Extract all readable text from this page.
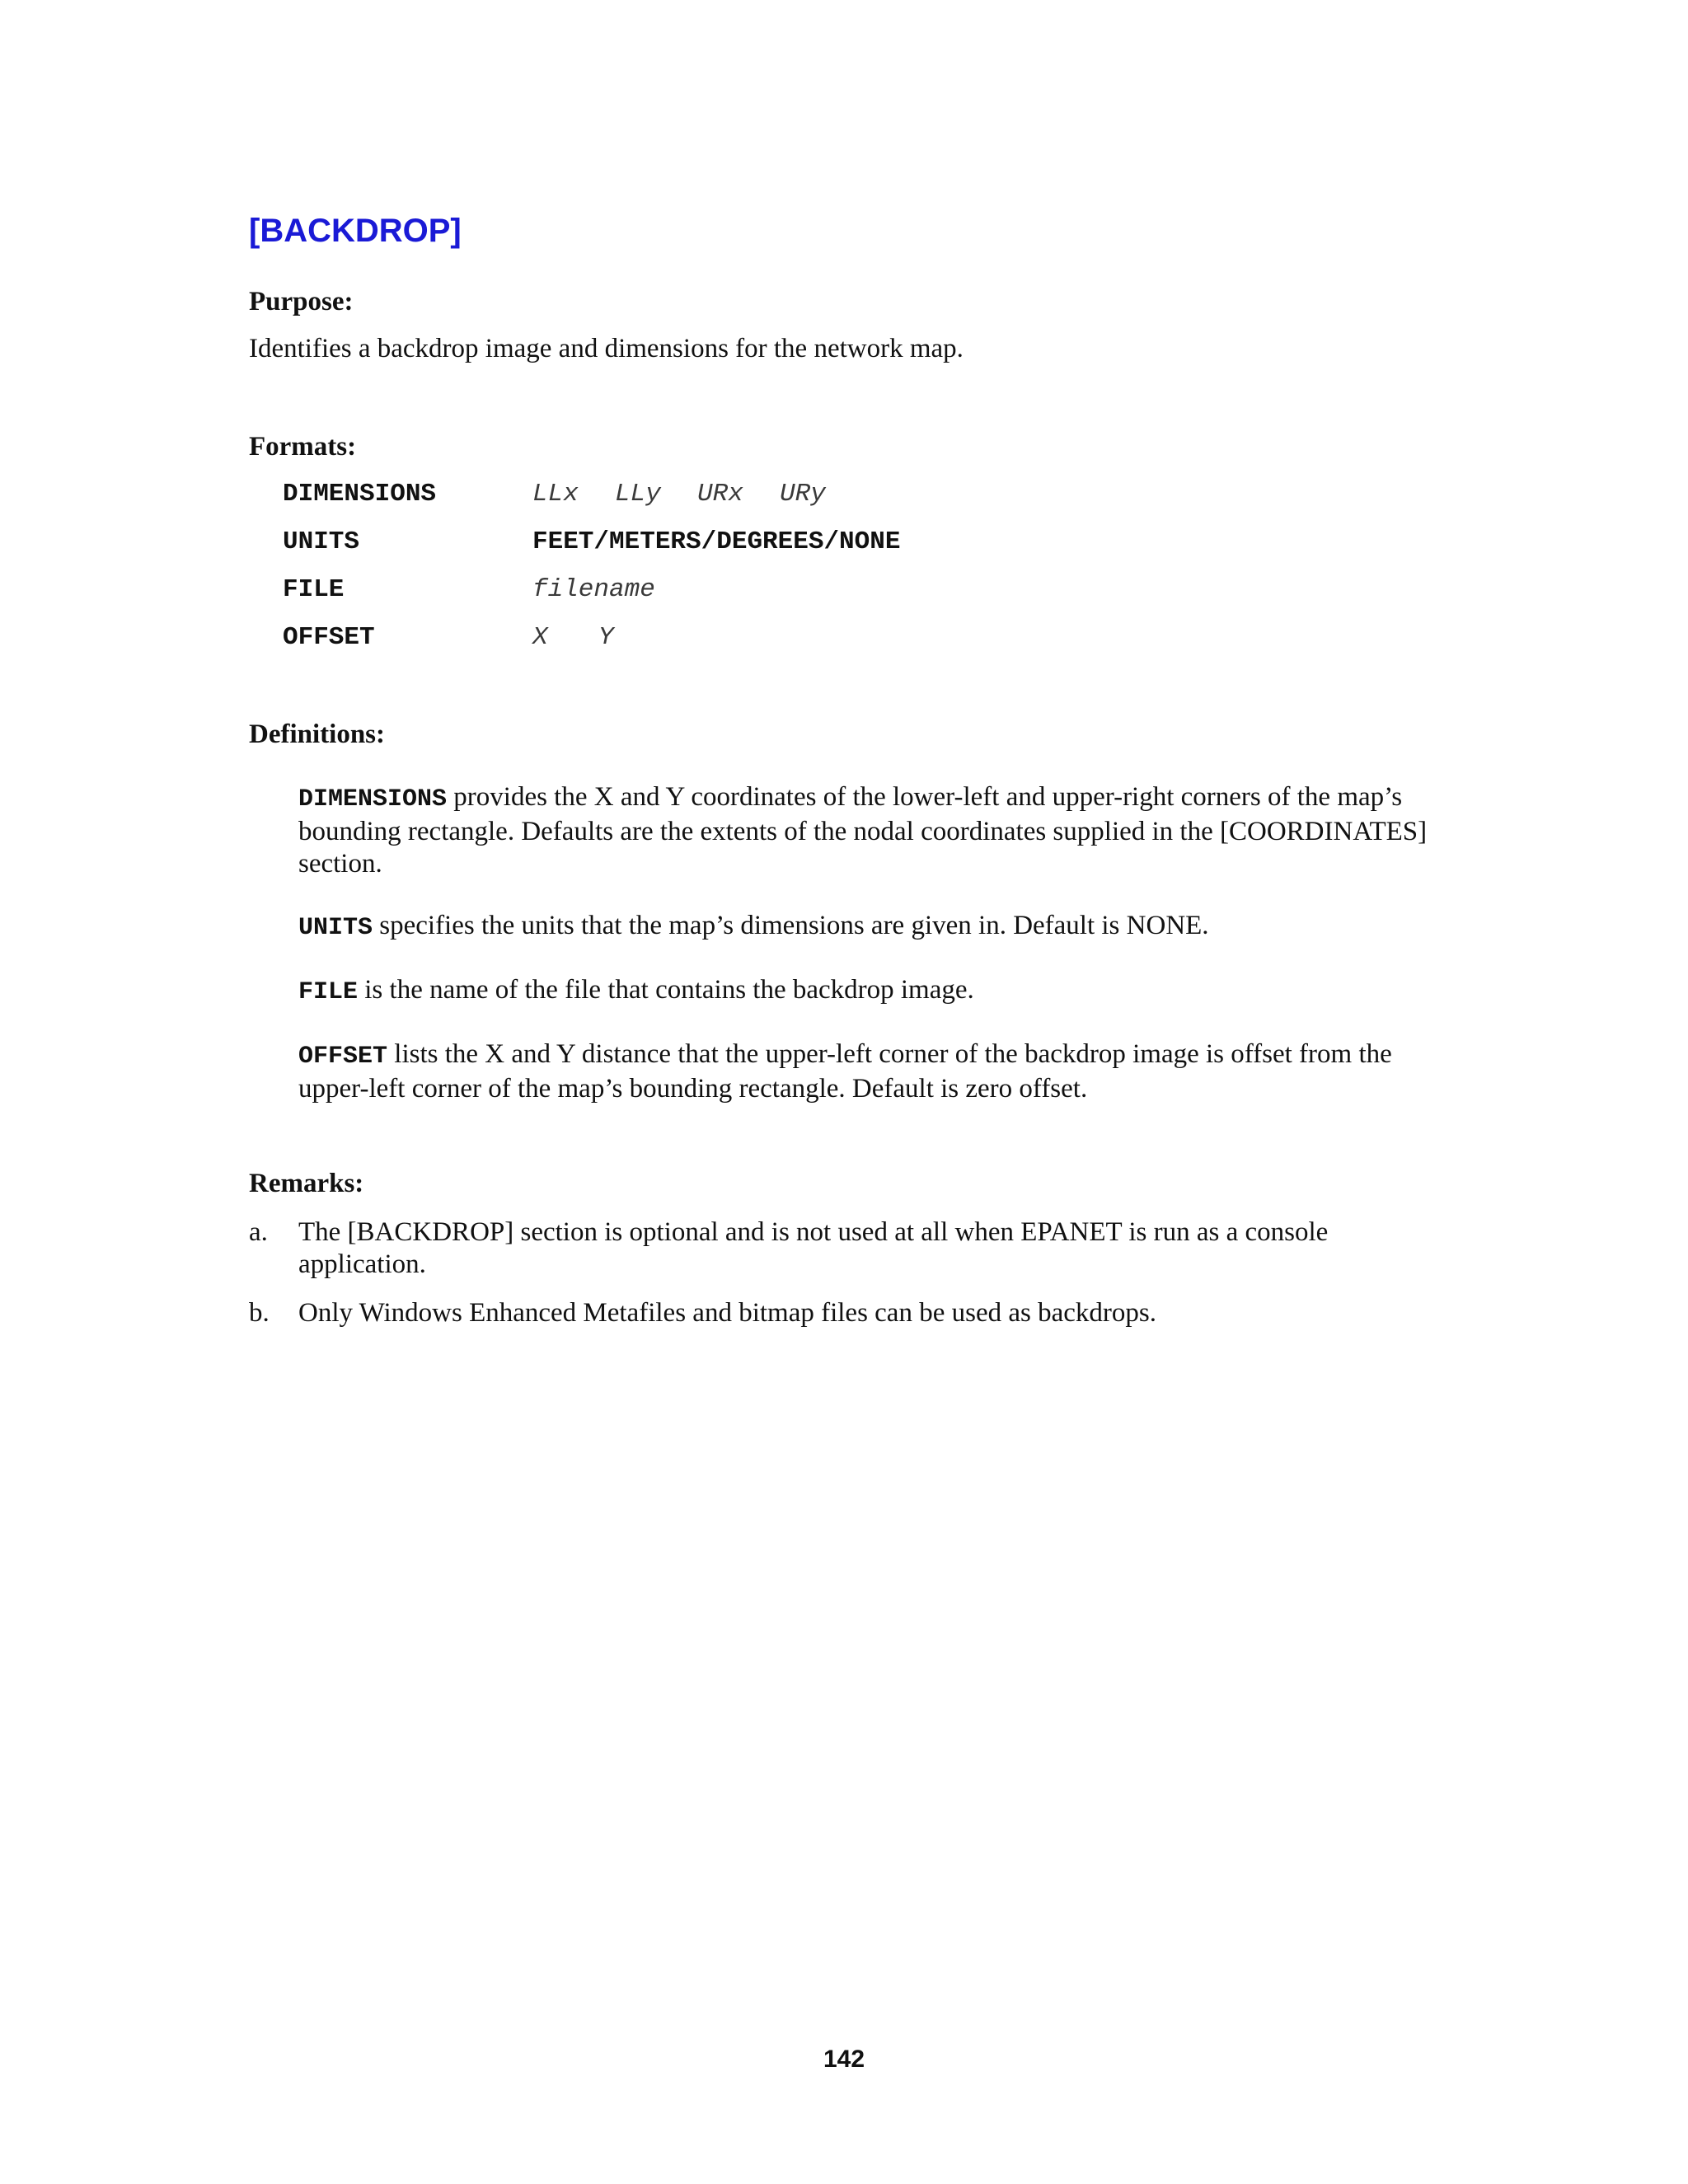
[BACKDROP]
Purpose:
Identifies a backdrop image and dimensions for the network map.
Formats:
DIMENSIONS	LLx LLy URx URy
UNITS	FEET/METERS/DEGREES/NONE
FILE	filename
OFFSET	X Y
Definitions:
DIMENSIONS provides the X and Y coordinates of the lower-left and upper-right corners of the map’s bounding rectangle. Defaults are the extents of the nodal coordinates supplied in the [COORDINATES] section.
UNITS specifies the units that the map’s dimensions are given in. Default is NONE.
FILE is the name of the file that contains the backdrop image.
OFFSET lists the X and Y distance that the upper-left corner of the backdrop image is offset from the upper-left corner of the map’s bounding rectangle. Default is zero offset.
Remarks:
a. The [BACKDROP] section is optional and is not used at all when EPANET is run as a console application.
b. Only Windows Enhanced Metafiles and bitmap files can be used as backdrops.
142
